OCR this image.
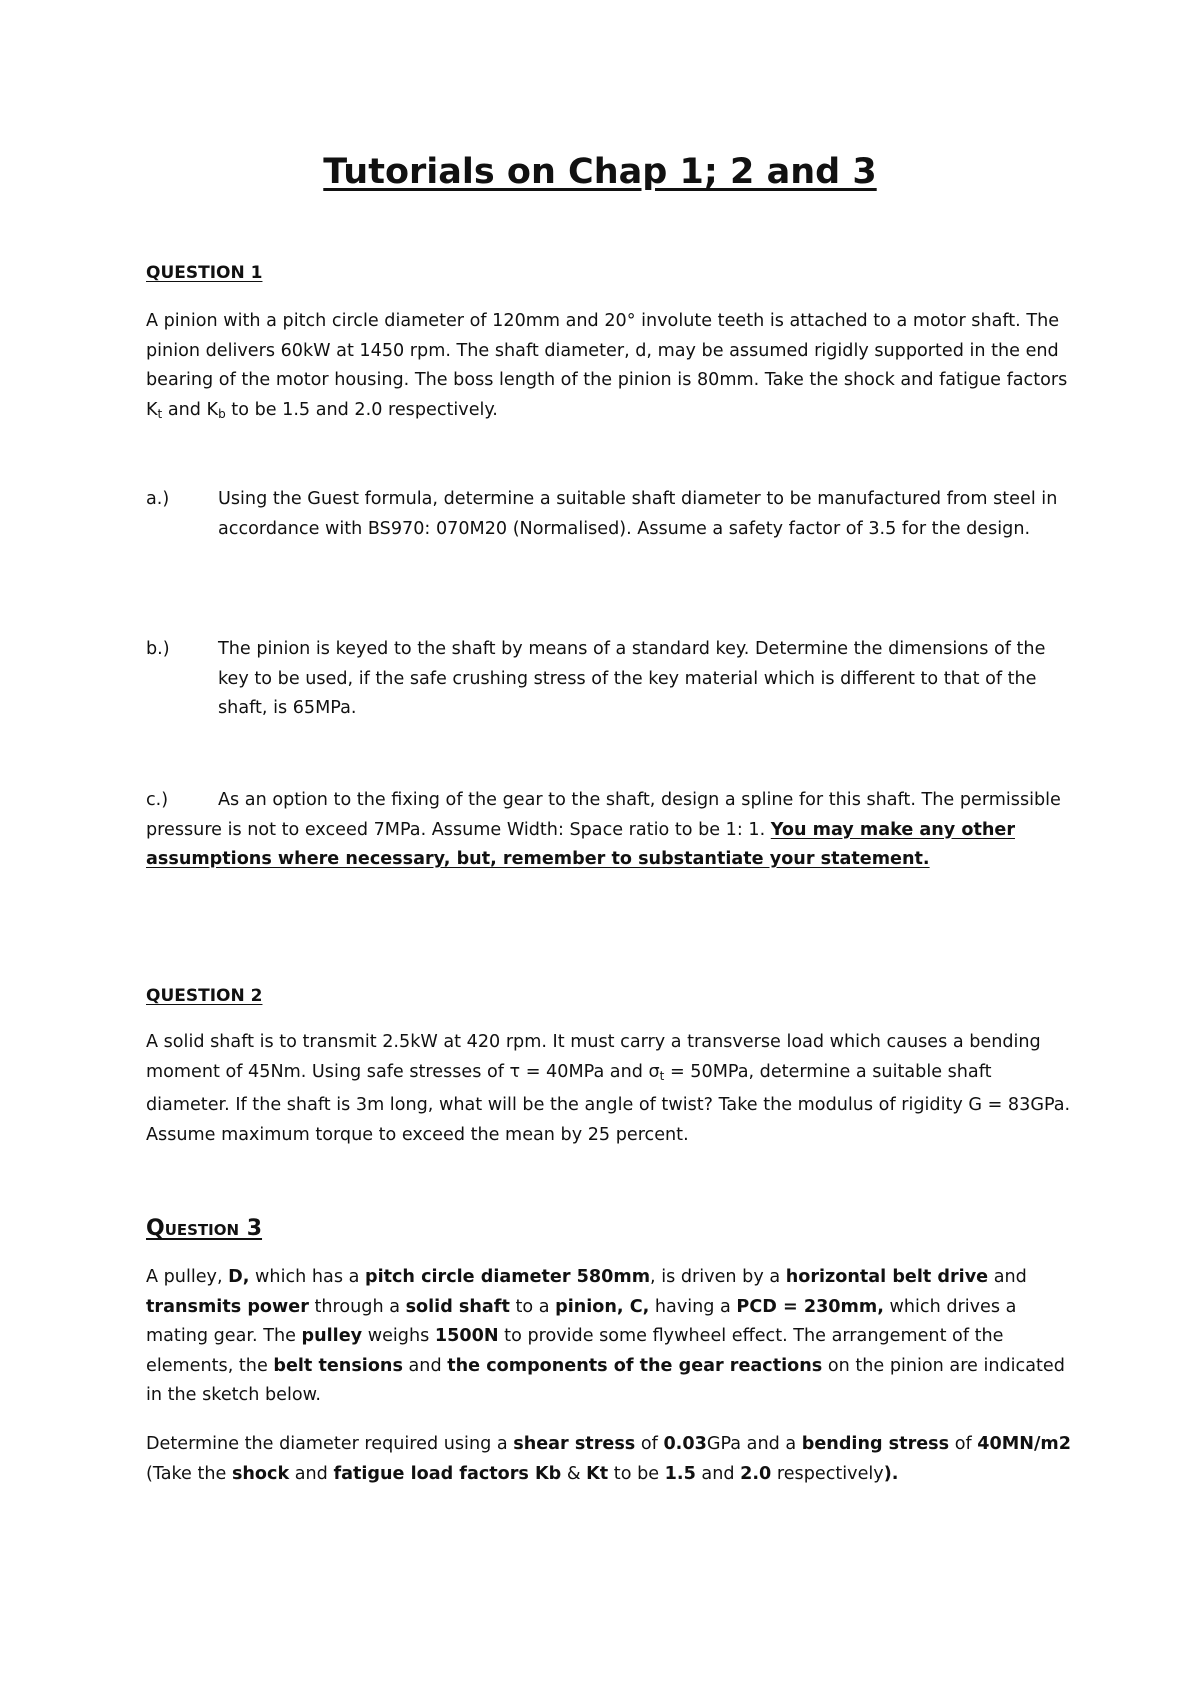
Tutorials on Chap 1; 2 and 3
QUESTION 1
A pinion with a pitch circle diameter of 120mm and 20° involute teeth is attached to a motor shaft. The pinion delivers 60kW at 1450 rpm. The shaft diameter, d, may be assumed rigidly supported in the end bearing of the motor housing. The boss length of the pinion is 80mm. Take the shock and fatigue factors $K_t$ and $K_b$ to be 1.5 and 2.0 respectively.
a.)	Using the Guest formula, determine a suitable shaft diameter to be manufactured from steel in accordance with BS970: 070M20 (Normalised). Assume a safety factor of 3.5 for the design.
b.)	The pinion is keyed to the shaft by means of a standard key. Determine the dimensions of the key to be used, if the safe crushing stress of the key material which is different to that of the shaft, is 65MPa.
c.)	As an option to the fixing of the gear to the shaft, design a spline for this shaft. The permissible pressure is not to exceed 7MPa. Assume Width: Space ratio to be 1: 1. You may make any other assumptions where necessary, but, remember to substantiate your statement.
QUESTION 2
A solid shaft is to transmit 2.5kW at 420 rpm. It must carry a transverse load which causes a bending moment of 45Nm. Using safe stresses of τ = 40MPa and $\sigma_t = 50MPa$, determine a suitable shaft diameter. If the shaft is 3m long, what will be the angle of twist? Take the modulus of rigidity G = 83GPa. Assume maximum torque to exceed the mean by 25 percent.
Question 3
A pulley, D, which has a pitch circle diameter 580mm, is driven by a horizontal belt drive and transmits power through a solid shaft to a pinion, C, having a PCD = 230mm, which drives a mating gear. The pulley weighs 1500N to provide some flywheel effect. The arrangement of the elements, the belt tensions and the components of the gear reactions on the pinion are indicated in the sketch below.
Determine the diameter required using a shear stress of 0.03GPa and a bending stress of 40MN/m2 (Take the shock and fatigue load factors Kb & Kt to be 1.5 and 2.0 respectively).
